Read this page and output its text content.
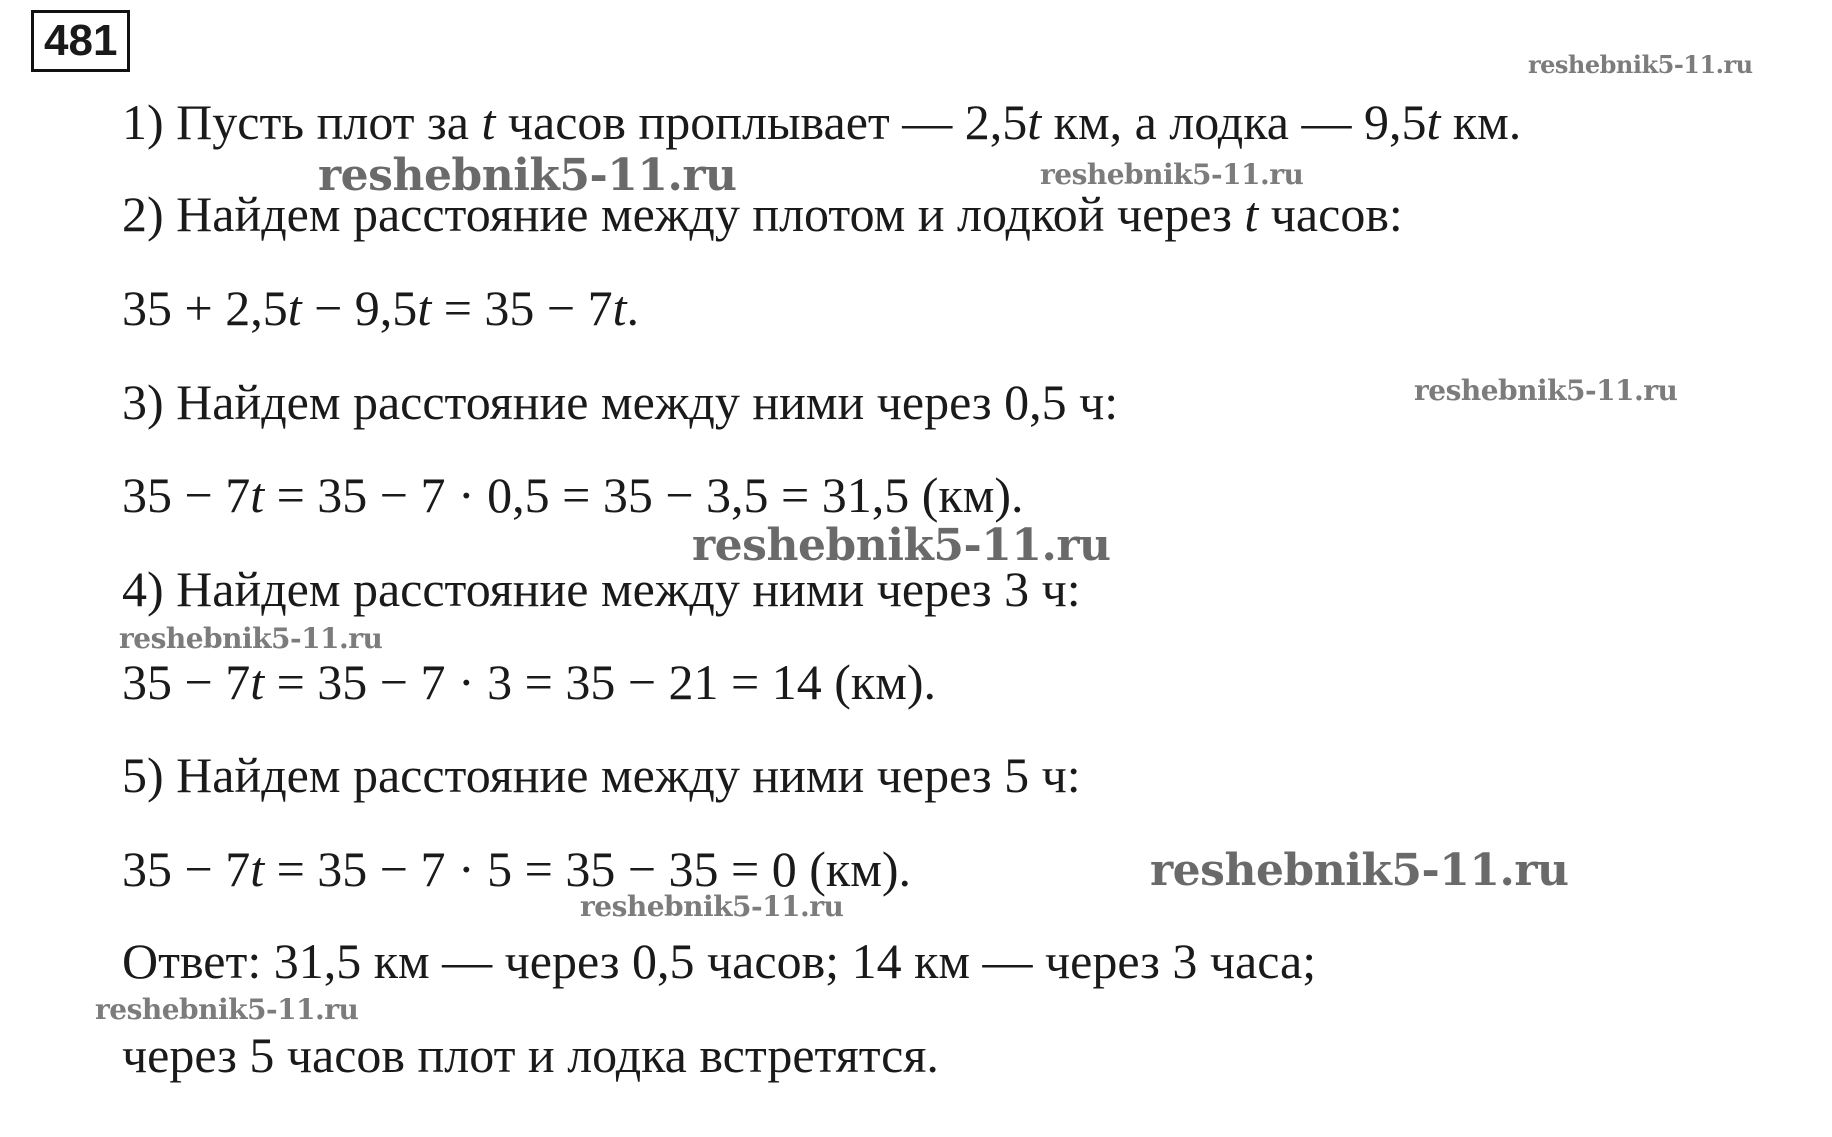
481
1) Пусть плот за t часов проплывает — 2,5t км, а лодка — 9,5t км.
2) Найдем расстояние между плотом и лодкой через t часов:
35 + 2,5t − 9,5t = 35 − 7t.
3) Найдем расстояние между ними через 0,5 ч:
35 − 7t = 35 − 7 · 0,5 = 35 − 3,5 = 31,5 (км).
4) Найдем расстояние между ними через 3 ч:
35 − 7t = 35 − 7 · 3 = 35 − 21 = 14 (км).
5) Найдем расстояние между ними через 5 ч:
35 − 7t = 35 − 7 · 5 = 35 − 35 = 0 (км).
Ответ: 31,5 км — через 0,5 часов; 14 км — через 3 часа;
через 5 часов плот и лодка встретятся.
reshebnik5-11.ru
reshebnik5-11.ru	reshebnik5-11.ru
reshebnik5-11.ru
reshebnik5-11.ru
reshebnik5-11.ru
reshebnik5-11.ru
reshebnik5-11.ru
reshebnik5-11.ru
